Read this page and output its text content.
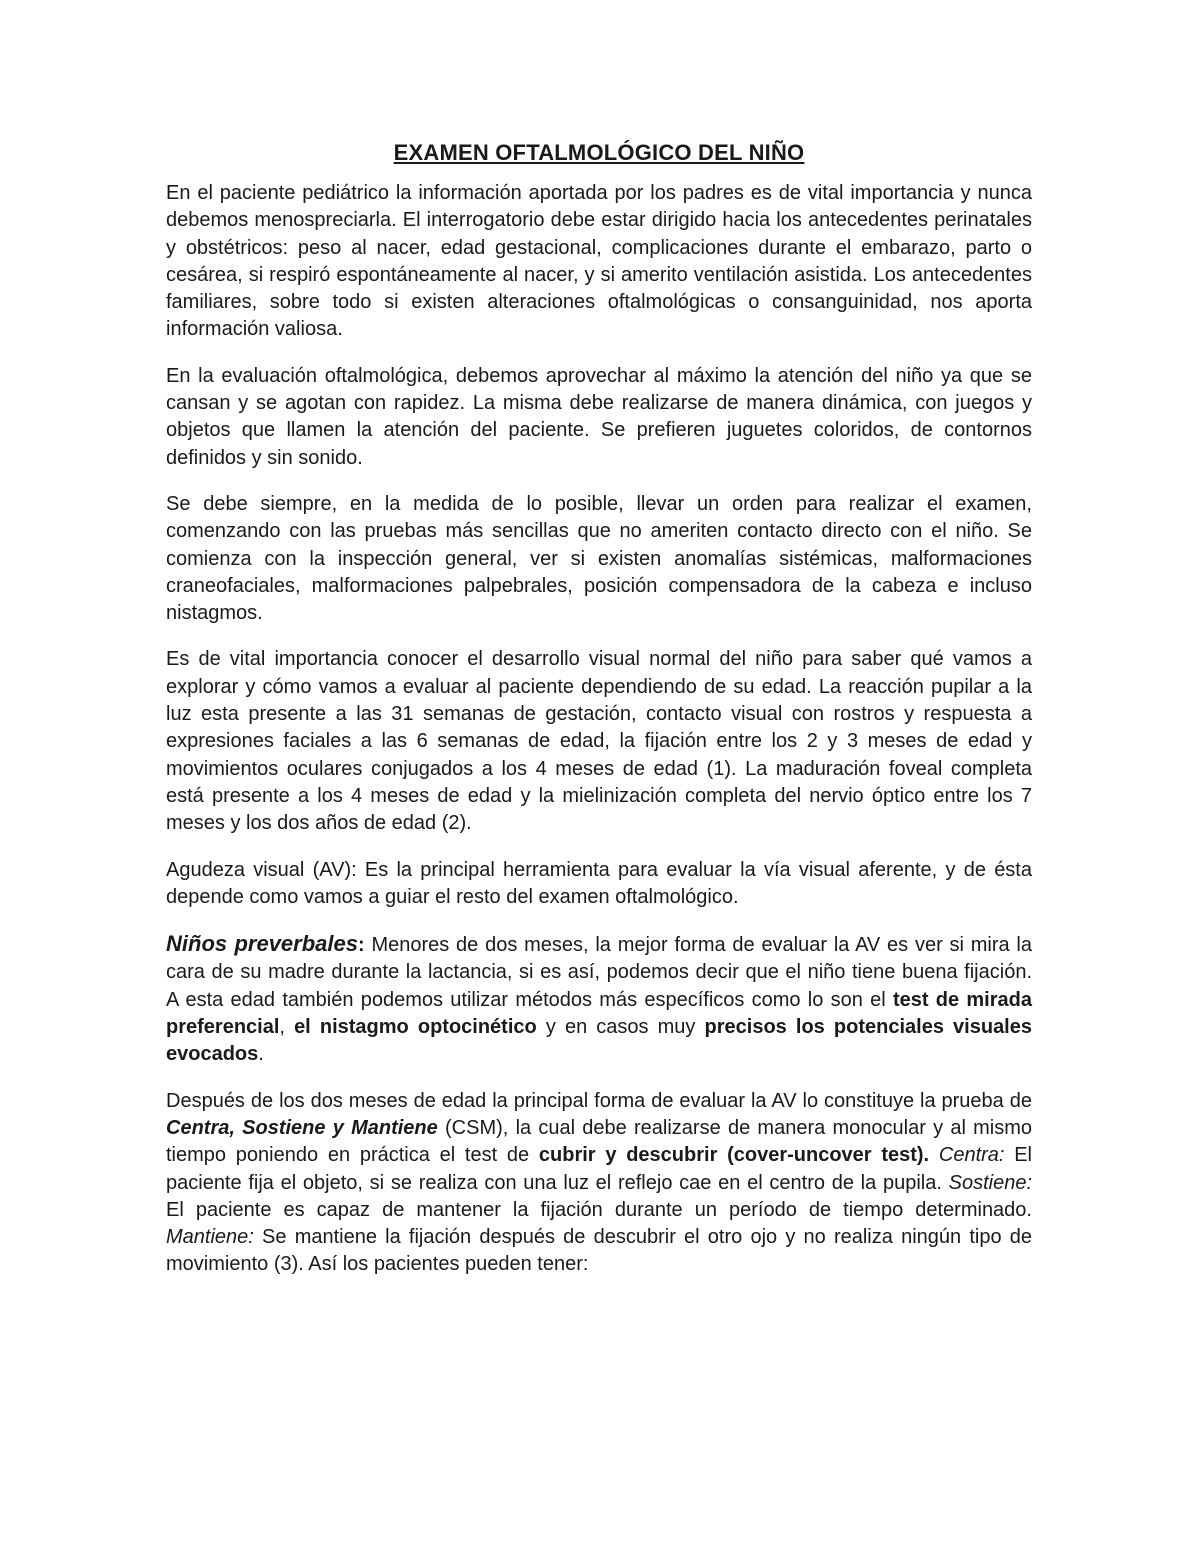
EXAMEN OFTALMOLÓGICO DEL NIÑO

En el paciente pediátrico la información aportada por los padres es de vital importancia y nunca debemos menospreciarla. El interrogatorio debe estar dirigido hacia los antecedentes perinatales y obstétricos: peso al nacer, edad gestacional, complicaciones durante el embarazo, parto o cesárea, si respiró espontáneamente al nacer, y si amerito ventilación asistida. Los antecedentes familiares, sobre todo si existen alteraciones oftalmológicas o consanguinidad, nos aporta información valiosa.

En la evaluación oftalmológica, debemos aprovechar al máximo la atención del niño ya que se cansan y se agotan con rapidez. La misma debe realizarse de manera dinámica, con juegos y objetos que llamen la atención del paciente. Se prefieren juguetes coloridos, de contornos definidos y sin sonido.

Se debe siempre, en la medida de lo posible, llevar un orden para realizar el examen, comenzando con las pruebas más sencillas que no ameriten contacto directo con el niño. Se comienza con la inspección general, ver si existen anomalías sistémicas, malformaciones craneofaciales, malformaciones palpebrales, posición compensadora de la cabeza e incluso nistagmos.

Es de vital importancia conocer el desarrollo visual normal del niño para saber qué vamos a explorar y cómo vamos a evaluar al paciente dependiendo de su edad. La reacción pupilar a la luz esta presente a las 31 semanas de gestación, contacto visual con rostros y respuesta a expresiones faciales a las 6 semanas de edad, la fijación entre los 2 y 3 meses de edad y movimientos oculares conjugados a los 4 meses de edad (1). La maduración foveal completa está presente a los 4 meses de edad y la mielinización completa del nervio óptico entre los 7 meses y los dos años de edad (2).

Agudeza visual (AV): Es la principal herramienta para evaluar la vía visual aferente, y de ésta depende como vamos a guiar el resto del examen oftalmológico.

Niños preverbales: Menores de dos meses, la mejor forma de evaluar la AV es ver si mira la cara de su madre durante la lactancia, si es así, podemos decir que el niño tiene buena fijación. A esta edad también podemos utilizar métodos más específicos como lo son el test de mirada preferencial, el nistagmo optocinético y en casos muy precisos los potenciales visuales evocados.

Después de los dos meses de edad la principal forma de evaluar la AV lo constituye la prueba de Centra, Sostiene y Mantiene (CSM), la cual debe realizarse de manera monocular y al mismo tiempo poniendo en práctica el test de cubrir y descubrir (cover-uncover test). Centra: El paciente fija el objeto, si se realiza con una luz el reflejo cae en el centro de la pupila. Sostiene: El paciente es capaz de mantener la fijación durante un período de tiempo determinado. Mantiene: Se mantiene la fijación después de descubrir el otro ojo y no realiza ningún tipo de movimiento (3). Así los pacientes pueden tener:
